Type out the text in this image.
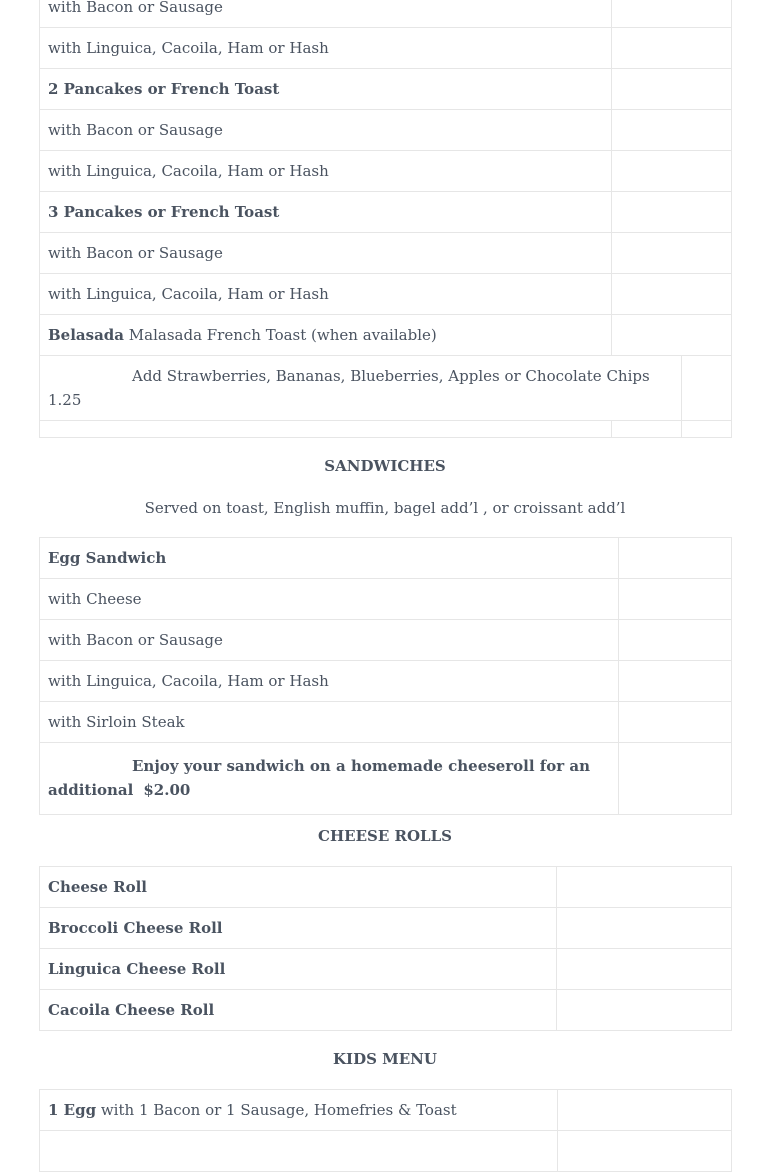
with Bacon or Sausage		
with Linguica, Cacoila, Ham or Hash		
2 Pancakes or French Toast		
with Bacon or Sausage		
with Linguica, Cacoila, Ham or Hash		
3 Pancakes or French Toast		
with Bacon or Sausage		
with Linguica, Cacoila, Ham or Hash		
Belasada Malasada French Toast (when available)		
Add Strawberries, Bananas, Blueberries, Apples or Chocolate Chips 1.25		

SANDWICHES
Served on toast, English muffin, bagel add’l , or croissant add’l
Egg Sandwich	
with Cheese	
with Bacon or Sausage	
with Linguica, Cacoila, Ham or Hash	
with Sirloin Steak	
Enjoy your sandwich on a homemade cheeseroll for an additional $2.00	
CHEESE ROLLS
Cheese Roll	
Broccoli Cheese Roll	
Linguica Cheese Roll	
Cacoila Cheese Roll	
KIDS MENU
1 Egg with 1 Bacon or 1 Sausage, Homefries & Toast	
